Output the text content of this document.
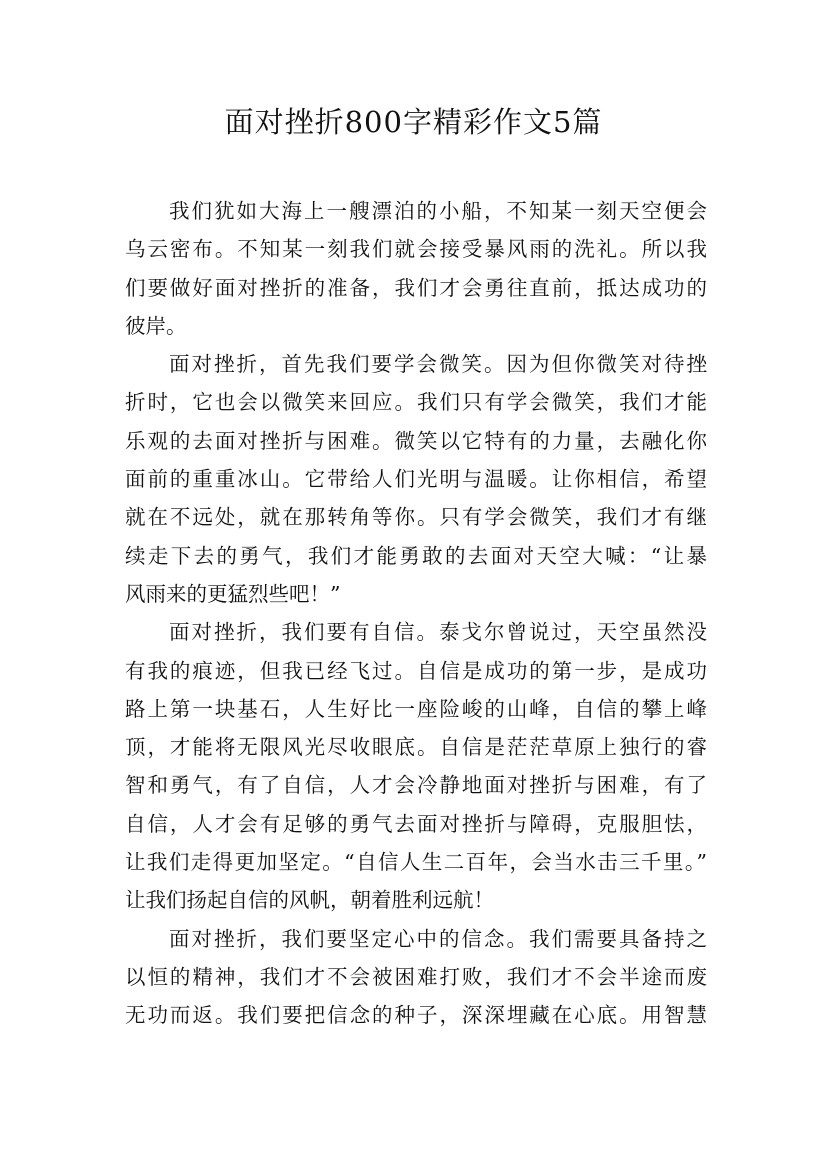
面对挫折800字精彩作文5篇
我们犹如大海上一艘漂泊的小船，不知某一刻天空便会
乌云密布。不知某一刻我们就会接受暴风雨的洗礼。所以我
们要做好面对挫折的准备，我们才会勇往直前，抵达成功的
彼岸。
面对挫折，首先我们要学会微笑。因为但你微笑对待挫
折时，它也会以微笑来回应。我们只有学会微笑，我们才能
乐观的去面对挫折与困难。微笑以它特有的力量，去融化你
面前的重重冰山。它带给人们光明与温暖。让你相信，希望
就在不远处，就在那转角等你。只有学会微笑，我们才有继
续走下去的勇气，我们才能勇敢的去面对天空大喊：“让暴
风雨来的更猛烈些吧！”
面对挫折，我们要有自信。泰戈尔曾说过，天空虽然没
有我的痕迹，但我已经飞过。自信是成功的第一步，是成功
路上第一块基石，人生好比一座险峻的山峰，自信的攀上峰
顶，才能将无限风光尽收眼底。自信是茫茫草原上独行的睿
智和勇气，有了自信，人才会冷静地面对挫折与困难，有了
自信，人才会有足够的勇气去面对挫折与障碍，克服胆怯，
让我们走得更加坚定。“自信人生二百年，会当水击三千里。”
让我们扬起自信的风帆，朝着胜利远航！
面对挫折，我们要坚定心中的信念。我们需要具备持之
以恒的精神，我们才不会被困难打败，我们才不会半途而废
无功而返。我们要把信念的种子，深深埋藏在心底。用智慧
